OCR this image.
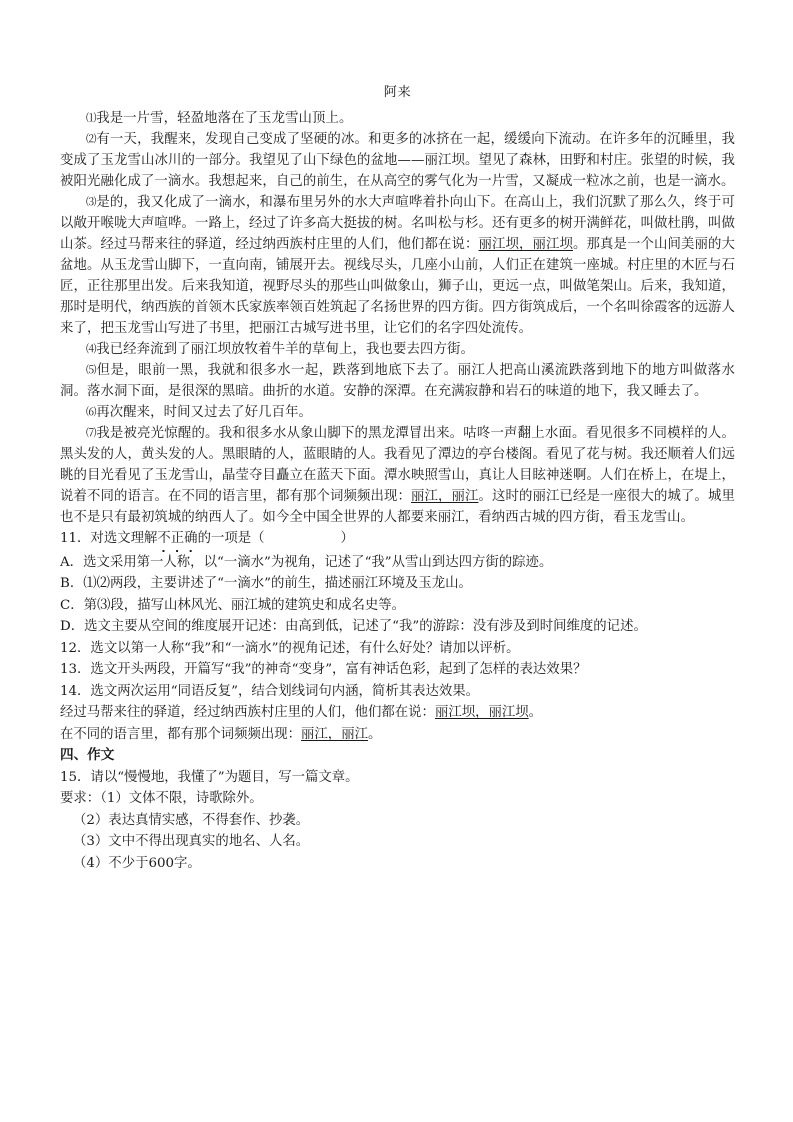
阿来

⑴我是一片雪，轻盈地落在了玉龙雪山顶上。

⑵有一天，我醒来，发现自己变成了坚硬的冰。和更多的冰挤在一起，缓缓向下流动。在许多年的沉睡里，我变成了玉龙雪山冰川的一部分。我望见了山下绿色的盆地——丽江坝。望见了森林，田野和村庄。张望的时候，我被阳光融化成了一滴水。我想起来，自己的前生，在从高空的雾气化为一片雪，又凝成一粒冰之前，也是一滴水。

⑶是的，我又化成了一滴水，和瀑布里另外的水大声喧哗着扑向山下。在高山上，我们沉默了那么久，终于可以敞开喉咙大声喧哗。一路上，经过了许多高大挺拔的树。名叫松与杉。还有更多的树开满鲜花，叫做杜鹃，叫做山茶。经过马帮来往的驿道，经过纳西族村庄里的人们，他们都在说：丽江坝，丽江坝。那真是一个山间美丽的大盆地。从玉龙雪山脚下，一直向南，铺展开去。视线尽头，几座小山前，人们正在建筑一座城。村庄里的木匠与石匠，正往那里出发。后来我知道，视野尽头的那些山叫做象山，狮子山，更远一点，叫做笔架山。后来，我知道，那时是明代，纳西族的首领木氏家族率领百姓筑起了名扬世界的四方街。四方街筑成后，一个名叫徐霞客的远游人来了，把玉龙雪山写进了书里，把丽江古城写进书里，让它们的名字四处流传。

⑷我已经奔流到了丽江坝放牧着牛羊的草甸上，我也要去四方街。

⑸但是，眼前一黑，我就和很多水一起，跌落到地底下去了。丽江人把高山溪流跌落到地下的地方叫做落水洞。落水洞下面，是很深的黑暗。曲折的水道。安静的深潭。在充满寂静和岩石的味道的地下，我又睡去了。

⑹再次醒来，时间又过去了好几百年。

⑺我是被亮光惊醒的。我和很多水从象山脚下的黑龙潭冒出来。咕咚一声翻上水面。看见很多不同模样的人。黑头发的人，黄头发的人。黑眼睛的人，蓝眼睛的人。我看见了潭边的亭台楼阁。看见了花与树。我还顺着人们远眺的目光看见了玉龙雪山，晶莹夺目矗立在蓝天下面。潭水映照雪山，真让人目眩神迷啊。人们在桥上，在堤上，说着不同的语言。在不同的语言里，都有那个词频频出现：丽江，丽江。这时的丽江已经是一座很大的城了。城里也不是只有最初筑城的纳西人了。如今全中国全世界的人都要来丽江，看纳西古城的四方街，看玉龙雪山。

11．对选文理解不正确的一项是（	）

A．选文采用第一人称，以“一滴水”为视角，记述了“我”从雪山到达四方街的踪迹。

B．⑴⑵两段，主要讲述了“一滴水”的前生，描述丽江环境及玉龙山。

C．第⑶段，描写山林风光、丽江城的建筑史和成名史等。

D．选文主要从空间的维度展开记述：由高到低，记述了“我”的游踪：没有涉及到时间维度的记述。

12．选文以第一人称“我”和“一滴水”的视角记述，有什么好处？请加以评析。

13．选文开头两段，开篇写“我”的神奇“变身”，富有神话色彩，起到了怎样的表达效果？

14．选文两次运用“同语反复”，结合划线词句内涵，简析其表达效果。

经过马帮来往的驿道，经过纳西族村庄里的人们，他们都在说：丽江坝，丽江坝。

在不同的语言里，都有那个词频频出现：丽江，丽江。

四、作文

15．请以“慢慢地，我懂了”为题目，写一篇文章。

要求：（1）文体不限，诗歌除外。

（2）表达真情实感，不得套作、抄袭。

（3）文中不得出现真实的地名、人名。

（4）不少于600字。
